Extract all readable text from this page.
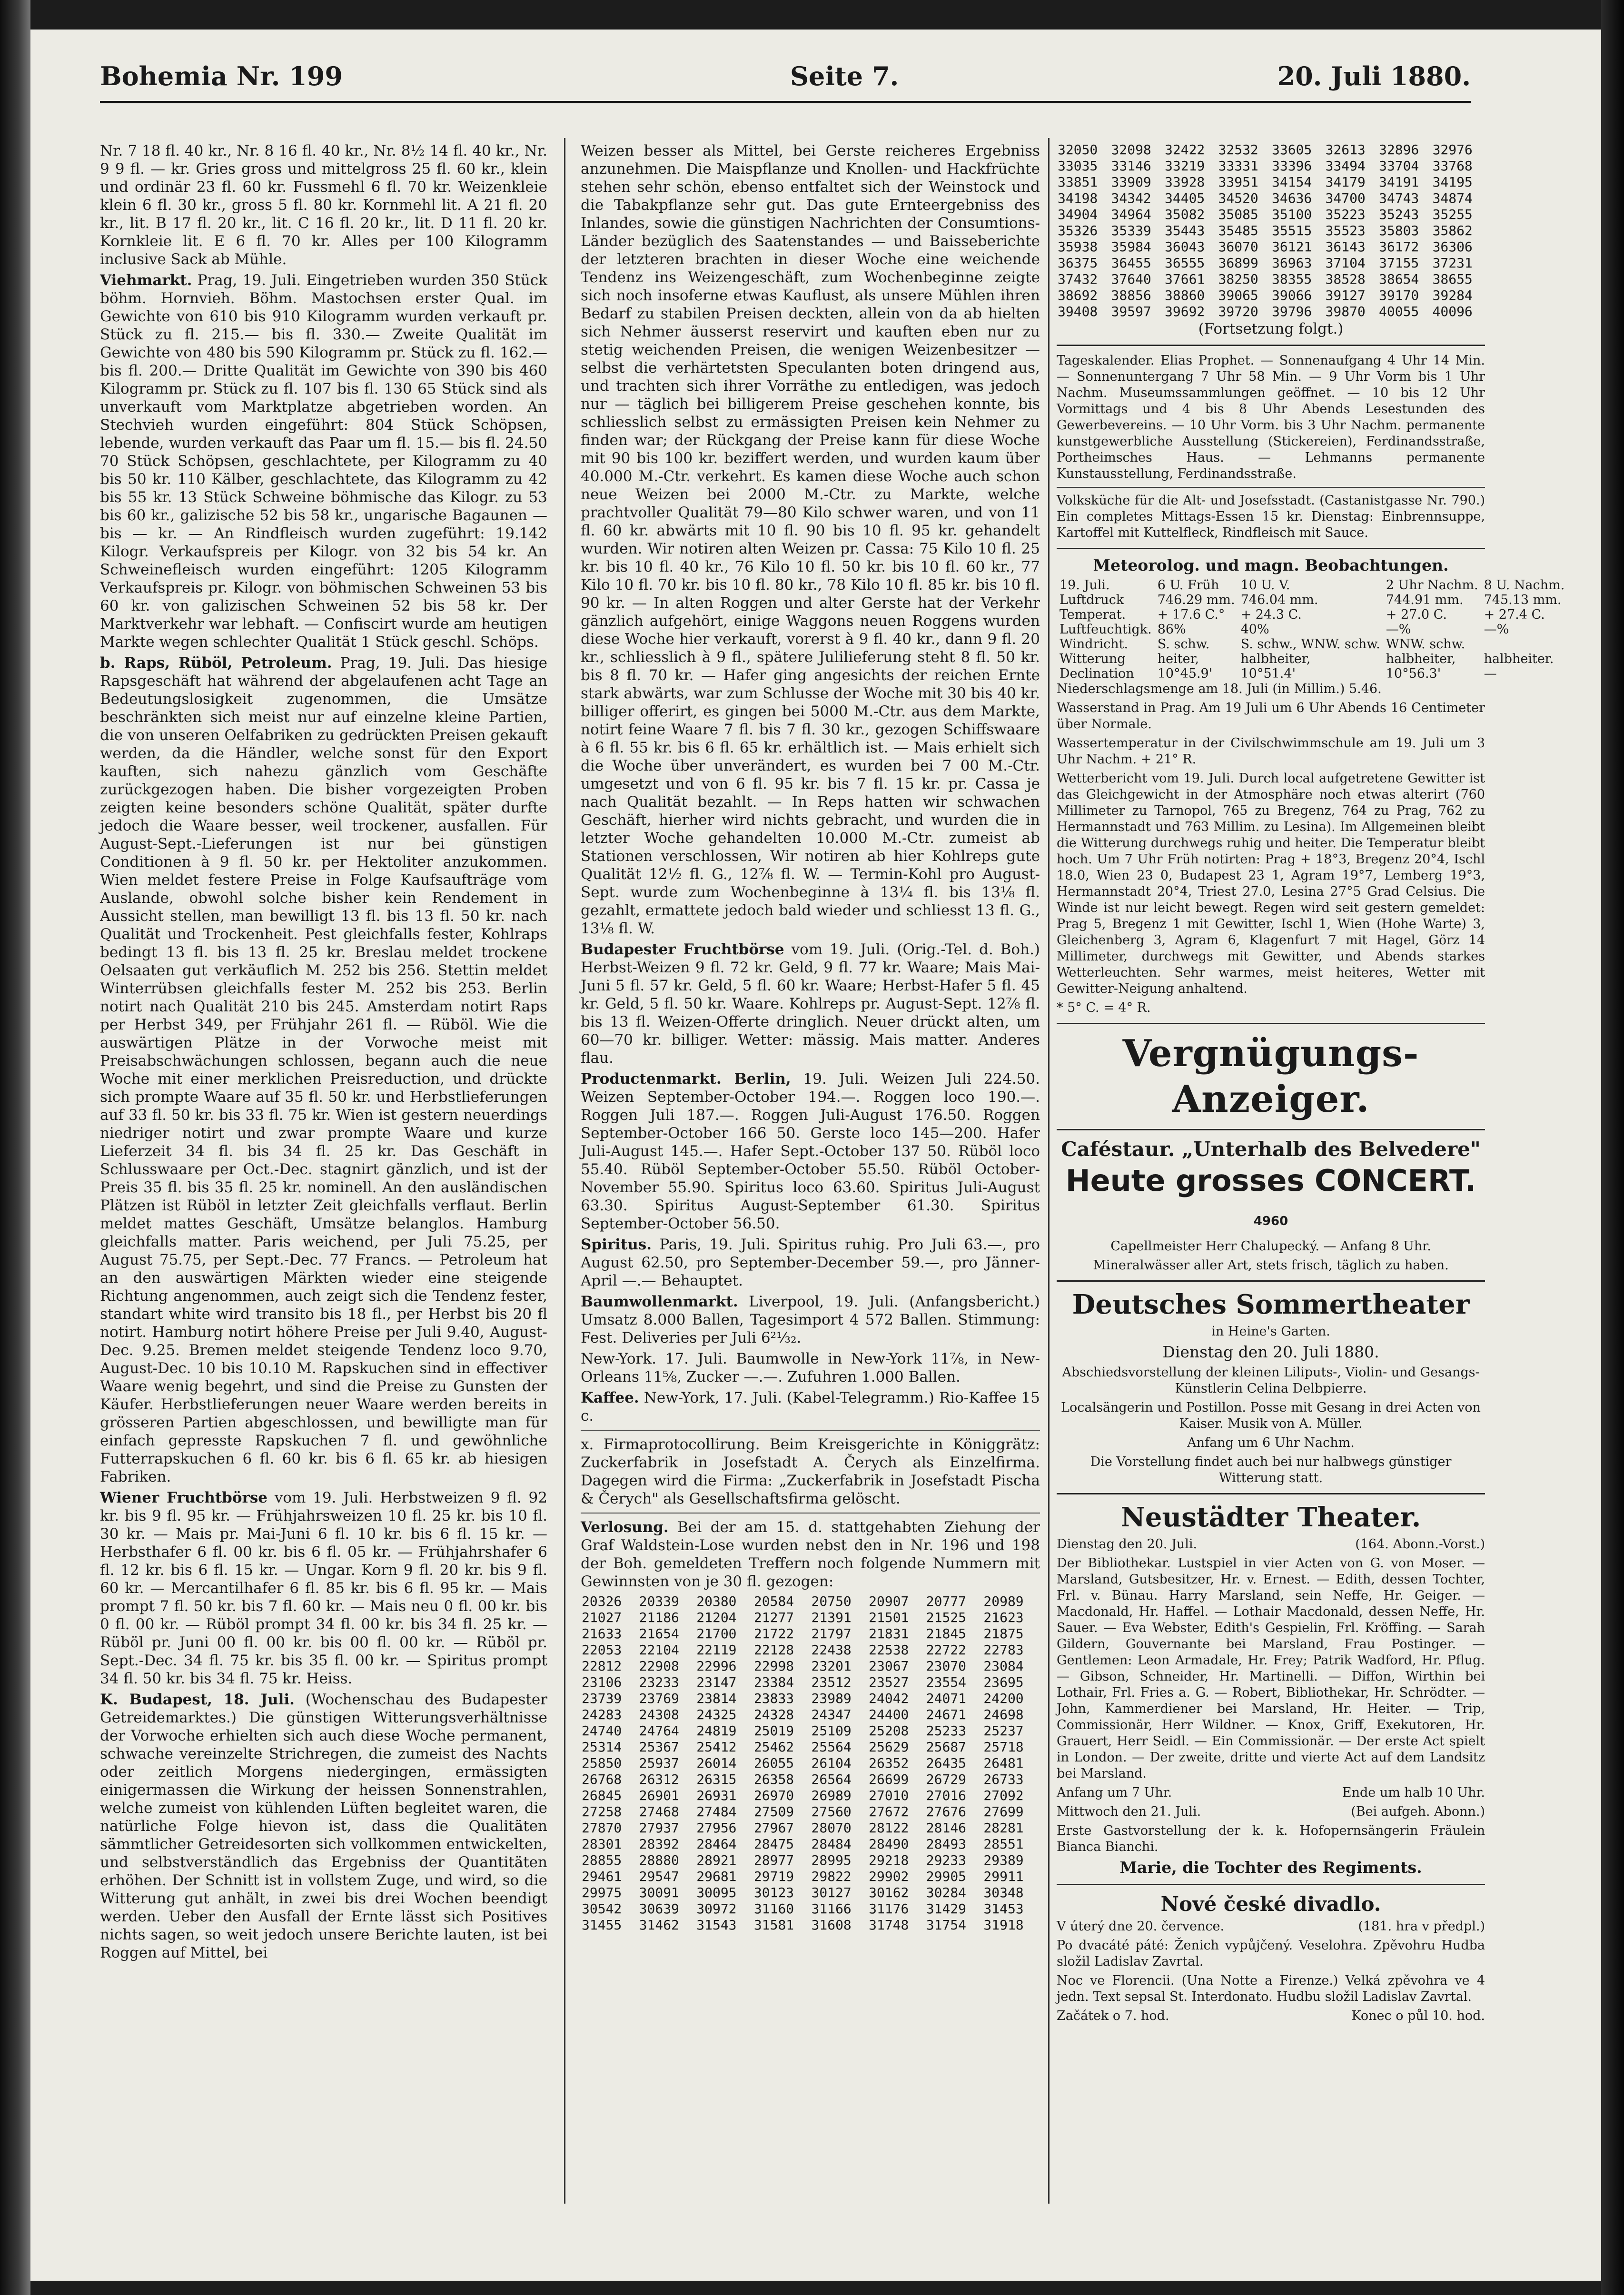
Bohemia Nr. 199	Seite 7.	20. Juli 1880.

Nr. 7 18 fl. 40 kr., Nr. 8 16 fl. 40 kr., Nr. 8½ 14 fl. 40 kr., Nr. 9 9 fl. — kr. Gries gross und mittelgross 25 fl. 60 kr., klein und ordinär 23 fl. 60 kr. Fussmehl 6 fl. 70 kr. Weizenkleie klein 6 fl. 30 kr., gross 5 fl. 80 kr. Kornmehl lit. A 21 fl. 20 kr., lit. B 17 fl. 20 kr., lit. C 16 fl. 20 kr., lit. D 11 fl. 20 kr. Kornkleie lit. E 6 fl. 70 kr. Alles per 100 Kilogramm inclusive Sack ab Mühle.

Viehmarkt. Prag, 19. Juli. Eingetrieben wurden 350 Stück böhm. Hornvieh. Böhm. Mastochsen erster Qual. im Gewichte von 610 bis 910 Kilogramm wurden verkauft pr. Stück zu fl. 215.— bis fl. 330.— Zweite Qualität im Gewichte von 480 bis 590 Kilogramm pr. Stück zu fl. 162.— bis fl. 200.— Dritte Qualität im Gewichte von 390 bis 460 Kilogramm pr. Stück zu fl. 107 bis fl. 130 65 Stück sind als unverkauft vom Marktplatze abgetrieben worden. An Stechvieh wurden eingeführt: 804 Stück Schöpsen, lebende, wurden verkauft das Paar um fl. 15.— bis fl. 24.50 70 Stück Schöpsen, geschlachtete, per Kilogramm zu 40 bis 50 kr. 110 Kälber, geschlachtete, das Kilogramm zu 42 bis 55 kr. 13 Stück Schweine böhmische das Kilogr. zu 53 bis 60 kr., galizische 52 bis 58 kr., ungarische Bagaunen — bis — kr. — An Rindfleisch wurden zugeführt: 19.142 Kilogr. Verkaufspreis per Kilogr. von 32 bis 54 kr. An Schweinefleisch wurden eingeführt: 1205 Kilogramm Verkaufspreis pr. Kilogr. von böhmischen Schweinen 53 bis 60 kr. von galizischen Schweinen 52 bis 58 kr. Der Marktverkehr war lebhaft. — Confiscirt wurde am heutigen Markte wegen schlechter Qualität 1 Stück geschl. Schöps.

b. Raps, Rüböl, Petroleum. Prag, 19. Juli. Das hiesige Rapsgeschäft hat während der abgelaufenen acht Tage an Bedeutungslosigkeit zugenommen, die Umsätze beschränkten sich meist nur auf einzelne kleine Partien, die von unseren Oelfabriken zu gedrückten Preisen gekauft werden, da die Händler, welche sonst für den Export kauften, sich nahezu gänzlich vom Geschäfte zurückgezogen haben. Die bisher vorgezeigten Proben zeigten keine besonders schöne Qualität, später durfte jedoch die Waare besser, weil trockener, ausfallen. Für August-Sept.-Lieferungen ist nur bei günstigen Conditionen à 9 fl. 50 kr. per Hektoliter anzukommen. Wien meldet festere Preise in Folge Kaufsaufträge vom Auslande, obwohl solche bisher kein Rendement in Aussicht stellen, man bewilligt 13 fl. bis 13 fl. 50 kr. nach Qualität und Trockenheit. Pest gleichfalls fester, Kohlraps bedingt 13 fl. bis 13 fl. 25 kr. Breslau meldet trockene Oelsaaten gut verkäuflich M. 252 bis 256. Stettin meldet Winterrübsen gleichfalls fester M. 252 bis 253. Berlin notirt nach Qualität 210 bis 245. Amsterdam notirt Raps per Herbst 349, per Frühjahr 261 fl. — Rüböl. Wie die auswärtigen Plätze in der Vorwoche meist mit Preisabschwächungen schlossen, begann auch die neue Woche mit einer merklichen Preisreduction, und drückte sich prompte Waare auf 35 fl. 50 kr. und Herbstlieferungen auf 33 fl. 50 kr. bis 33 fl. 75 kr. Wien ist gestern neuerdings niedriger notirt und zwar prompte Waare und kurze Lieferzeit 34 fl. bis 34 fl. 25 kr. Das Geschäft in Schlusswaare per Oct.-Dec. stagnirt gänzlich, und ist der Preis 35 fl. bis 35 fl. 25 kr. nominell. An den ausländischen Plätzen ist Rüböl in letzter Zeit gleichfalls verflaut. Berlin meldet mattes Geschäft, Umsätze belanglos. Hamburg gleichfalls matter. Paris weichend, per Juli 75.25, per August 75.75, per Sept.-Dec. 77 Francs. — Petroleum hat an den auswärtigen Märkten wieder eine steigende Richtung angenommen, auch zeigt sich die Tendenz fester, standart white wird transito bis 18 fl., per Herbst bis 20 fl notirt. Hamburg notirt höhere Preise per Juli 9.40, August-Dec. 9.25. Bremen meldet steigende Tendenz loco 9.70, August-Dec. 10 bis 10.10 M. Rapskuchen sind in effectiver Waare wenig begehrt, und sind die Preise zu Gunsten der Käufer. Herbstlieferungen neuer Waare werden bereits in grösseren Partien abgeschlossen, und bewilligte man für einfach gepresste Rapskuchen 7 fl. und gewöhnliche Futterrapskuchen 6 fl. 60 kr. bis 6 fl. 65 kr. ab hiesigen Fabriken.

Wiener Fruchtbörse vom 19. Juli. Herbstweizen 9 fl. 92 kr. bis 9 fl. 95 kr. — Frühjahrsweizen 10 fl. 25 kr. bis 10 fl. 30 kr. — Mais pr. Mai-Juni 6 fl. 10 kr. bis 6 fl. 15 kr. — Herbsthafer 6 fl. 00 kr. bis 6 fl. 05 kr. — Frühjahrshafer 6 fl. 12 kr. bis 6 fl. 15 kr. — Ungar. Korn 9 fl. 20 kr. bis 9 fl. 60 kr. — Mercantilhafer 6 fl. 85 kr. bis 6 fl. 95 kr. — Mais prompt 7 fl. 50 kr. bis 7 fl. 60 kr. — Mais neu 0 fl. 00 kr. bis 0 fl. 00 kr. — Rüböl prompt 34 fl. 00 kr. bis 34 fl. 25 kr. — Rüböl pr. Juni 00 fl. 00 kr. bis 00 fl. 00 kr. — Rüböl pr. Sept.-Dec. 34 fl. 75 kr. bis 35 fl. 00 kr. — Spiritus prompt 34 fl. 50 kr. bis 34 fl. 75 kr. Heiss.

K. Budapest, 18. Juli. (Wochenschau des Budapester Getreidemarktes.) Die günstigen Witterungsverhältnisse der Vorwoche erhielten sich auch diese Woche permanent, schwache vereinzelte Strichregen, die zumeist des Nachts oder zeitlich Morgens niedergingen, ermässigten einigermassen die Wirkung der heissen Sonnenstrahlen, welche zumeist von kühlenden Lüften begleitet waren, die natürliche Folge hievon ist, dass die Qualitäten sämmtlicher Getreidesorten sich vollkommen entwickelten, und selbstverständlich das Ergebniss der Quantitäten erhöhen. Der Schnitt ist in vollstem Zuge, und wird, so die Witterung gut anhält, in zwei bis drei Wochen beendigt werden. Ueber den Ausfall der Ernte lässt sich Positives nichts sagen, so weit jedoch unsere Berichte lauten, ist bei Roggen auf Mittel, bei

Weizen besser als Mittel, bei Gerste reicheres Ergebniss anzunehmen. Die Maispflanze und Knollen- und Hackfrüchte stehen sehr schön, ebenso entfaltet sich der Weinstock und die Tabakpflanze sehr gut. Das gute Ernteergebniss des Inlandes, sowie die günstigen Nachrichten der Consumtions-Länder bezüglich des Saatenstandes — und Baisseberichte der letzteren brachten in dieser Woche eine weichende Tendenz ins Weizengeschäft, zum Wochenbeginne zeigte sich noch insoferne etwas Kauflust, als unsere Mühlen ihren Bedarf zu stabilen Preisen deckten, allein von da ab hielten sich Nehmer äusserst reservirt und kauften eben nur zu stetig weichenden Preisen, die wenigen Weizenbesitzer — selbst die verhärtetsten Speculanten boten dringend aus, und trachten sich ihrer Vorräthe zu entledigen, was jedoch nur — täglich bei billigerem Preise geschehen konnte, bis schliesslich selbst zu ermässigten Preisen kein Nehmer zu finden war; der Rückgang der Preise kann für diese Woche mit 90 bis 100 kr. beziffert werden, und wurden kaum über 40.000 M.-Ctr. verkehrt. Es kamen diese Woche auch schon neue Weizen bei 2000 M.-Ctr. zu Markte, welche prachtvoller Qualität 79—80 Kilo schwer waren, und von 11 fl. 60 kr. abwärts mit 10 fl. 90 bis 10 fl. 95 kr. gehandelt wurden. Wir notiren alten Weizen pr. Cassa: 75 Kilo 10 fl. 25 kr. bis 10 fl. 40 kr., 76 Kilo 10 fl. 50 kr. bis 10 fl. 60 kr., 77 Kilo 10 fl. 70 kr. bis 10 fl. 80 kr., 78 Kilo 10 fl. 85 kr. bis 10 fl. 90 kr. — In alten Roggen und alter Gerste hat der Verkehr gänzlich aufgehört, einige Waggons neuen Roggens wurden diese Woche hier verkauft, vorerst à 9 fl. 40 kr., dann 9 fl. 20 kr., schliesslich à 9 fl., spätere Julilieferung steht 8 fl. 50 kr. bis 8 fl. 70 kr. — Hafer ging angesichts der reichen Ernte stark abwärts, war zum Schlusse der Woche mit 30 bis 40 kr. billiger offerirt, es gingen bei 5000 M.-Ctr. aus dem Markte, notirt feine Waare 7 fl. bis 7 fl. 30 kr., gezogen Schiffswaare à 6 fl. 55 kr. bis 6 fl. 65 kr. erhältlich ist. — Mais erhielt sich die Woche über unverändert, es wurden bei 7 00 M.-Ctr. umgesetzt und von 6 fl. 95 kr. bis 7 fl. 15 kr. pr. Cassa je nach Qualität bezahlt. — In Reps hatten wir schwachen Geschäft, hierher wird nichts gebracht, und wurden die in letzter Woche gehandelten 10.000 M.-Ctr. zumeist ab Stationen verschlossen, Wir notiren ab hier Kohlreps gute Qualität 12½ fl. G., 12⅞ fl. W. — Termin-Kohl pro August-Sept. wurde zum Wochenbeginne à 13¼ fl. bis 13⅛ fl. gezahlt, ermattete jedoch bald wieder und schliesst 13 fl. G., 13⅛ fl. W.

Budapester Fruchtbörse vom 19. Juli. (Orig.-Tel. d. Boh.) Herbst-Weizen 9 fl. 72 kr. Geld, 9 fl. 77 kr. Waare; Mais Mai-Juni 5 fl. 57 kr. Geld, 5 fl. 60 kr. Waare; Herbst-Hafer 5 fl. 45 kr. Geld, 5 fl. 50 kr. Waare. Kohlreps pr. August-Sept. 12⅞ fl. bis 13 fl. Weizen-Offerte dringlich. Neuer drückt alten, um 60—70 kr. billiger. Wetter: mässig. Mais matter. Anderes flau.

Productenmarkt. Berlin, 19. Juli. Weizen Juli 224.50. Weizen September-October 194.—. Roggen loco 190.—. Roggen Juli 187.—. Roggen Juli-August 176.50. Roggen September-October 166 50. Gerste loco 145—200. Hafer Juli-August 145.—. Hafer Sept.-October 137 50. Rüböl loco 55.40. Rüböl September-October 55.50. Rüböl October-November 55.90. Spiritus loco 63.60. Spiritus Juli-August 63.30. Spiritus August-September 61.30. Spiritus September-October 56.50.

Spiritus. Paris, 19. Juli. Spiritus ruhig. Pro Juli 63.—, pro August 62.50, pro September-December 59.—, pro Jänner-April —.— Behauptet.

Baumwollenmarkt. Liverpool, 19. Juli. (Anfangsbericht.) Umsatz 8.000 Ballen, Tagesimport 4 572 Ballen. Stimmung: Fest. Deliveries per Juli 6²¹⁄₃₂.

New-York. 17. Juli. Baumwolle in New-York 11⅞, in New-Orleans 11⅝, Zucker —.—. Zufuhren 1.000 Ballen.

Kaffee. New-York, 17. Juli. (Kabel-Telegramm.) Rio-Kaffee 15 c.

x. Firmaprotocollirung. Beim Kreisgerichte in Königgrätz: Zuckerfabrik in Josefstadt A. Čerych als Einzelfirma. Dagegen wird die Firma: „Zuckerfabrik in Josefstadt Pischa & Čerych" als Gesellschaftsfirma gelöscht.

Verlosung. Bei der am 15. d. stattgehabten Ziehung der Graf Waldstein-Lose wurden nebst den in Nr. 196 und 198 der Boh. gemeldeten Treffern noch folgende Nummern mit Gewinnsten von je 30 fl. gezogen:

20326	20339	20380	20584	20750	20907	20777	20989
21027	21186	21204	21277	21391	21501	21525	21623
21633	21654	21700	21722	21797	21831	21845	21875
22053	22104	22119	22128	22438	22538	22722	22783
22812	22908	22996	22998	23201	23067	23070	23084
23106	23233	23147	23384	23512	23527	23554	23695
23739	23769	23814	23833	23989	24042	24071	24200
24283	24308	24325	24328	24347	24400	24671	24698
24740	24764	24819	25019	25109	25208	25233	25237
25314	25367	25412	25462	25564	25629	25687	25718
25850	25937	26014	26055	26104	26352	26435	26481
26768	26312	26315	26358	26564	26699	26729	26733
26845	26901	26931	26970	26989	27010	27016	27092
27258	27468	27484	27509	27560	27672	27676	27699
27870	27937	27956	27967	28070	28122	28146	28281
28301	28392	28464	28475	28484	28490	28493	28551
28855	28880	28921	28977	28995	29218	29233	29389
29461	29547	29681	29719	29822	29902	29905	29911
29975	30091	30095	30123	30127	30162	30284	30348
30542	30639	30972	31160	31166	31176	31429	31453
31455	31462	31543	31581	31608	31748	31754	31918
32050	32098	32422	32532	33605	32613	32896	32976
33035	33146	33219	33331	33396	33494	33704	33768
33851	33909	33928	33951	34154	34179	34191	34195
34198	34342	34405	34520	34636	34700	34743	34874
34904	34964	35082	35085	35100	35223	35243	35255
35326	35339	35443	35485	35515	35523	35803	35862
35938	35984	36043	36070	36121	36143	36172	36306
36375	36455	36555	36899	36963	37104	37155	37231
37432	37640	37661	38250	38355	38528	38654	38655
38692	38856	38860	39065	39066	39127	39170	39284
39408	39597	39692	39720	39796	39870	40055	40096

(Fortsetzung folgt.)

Tageskalender. Elias Prophet. — Sonnenaufgang 4 Uhr 14 Min. — Sonnenuntergang 7 Uhr 58 Min. — 9 Uhr Vorm bis 1 Uhr Nachm. Museumssammlungen geöffnet. — 10 bis 12 Uhr Vormittags und 4 bis 8 Uhr Abends Lesestunden des Gewerbevereins. — 10 Uhr Vorm. bis 3 Uhr Nachm. permanente kunstgewerbliche Ausstellung (Stickereien), Ferdinandsstraße, Portheimsches Haus. — Lehmanns permanente Kunstausstellung, Ferdinandsstraße.

Volksküche für die Alt- und Josefsstadt. (Castanistgasse Nr. 790.) Ein completes Mittags-Essen 15 kr. Dienstag: Einbrennsuppe, Kartoffel mit Kuttelfleck, Rindfleisch mit Sauce.

Meteorolog. und magn. Beobachtungen.

19. Juli.	6 U. Früh	10 U. V.	2 Uhr Nachm.	8 U. Nachm.
Luftdruck	746.29 mm.	746.04 mm.	744.91 mm.	745.13 mm.
Temperat.	+ 17.6 C.°	+ 24.3 C.	+ 27.0 C.	+ 27.4 C.
Luftfeuchtigk.	86%	40%	—%	—%
Windricht.	S. schw.	S. schw., WNW. schw.	WNW. schw.	
Witterung	heiter,	halbheiter,	halbheiter,	halbheiter.
Declination	10°45.9'	10°51.4'	10°56.3'	—

Niederschlagsmenge am 18. Juli (in Millim.) 5.46.

Wasserstand in Prag. Am 19 Juli um 6 Uhr Abends 16 Centimeter über Normale.

Wassertemperatur in der Civilschwimmschule am 19. Juli um 3 Uhr Nachm. + 21° R.

Wetterbericht vom 19. Juli. Durch local aufgetretene Gewitter ist das Gleichgewicht in der Atmosphäre noch etwas alterirt (760 Millimeter zu Tarnopol, 765 zu Bregenz, 764 zu Prag, 762 zu Hermannstadt und 763 Millim. zu Lesina). Im Allgemeinen bleibt die Witterung durchwegs ruhig und heiter. Die Temperatur bleibt hoch. Um 7 Uhr Früh notirten: Prag + 18°3, Bregenz 20°4, Ischl 18.0, Wien 23 0, Budapest 23 1, Agram 19°7, Lemberg 19°3, Hermannstadt 20°4, Triest 27.0, Lesina 27°5 Grad Celsius. Die Winde ist nur leicht bewegt. Regen wird seit gestern gemeldet: Prag 5, Bregenz 1 mit Gewitter, Ischl 1, Wien (Hohe Warte) 3, Gleichenberg 3, Agram 6, Klagenfurt 7 mit Hagel, Görz 14 Millimeter, durchwegs mit Gewitter, und Abends starkes Wetterleuchten. Sehr warmes, meist heiteres, Wetter mit Gewitter-Neigung anhaltend.

* 5° C. = 4° R.

Vergnügungs-Anzeiger.
Caféstaur. „Unterhalb des Belvedere"
Heute grosses CONCERT. 4960

Capellmeister Herr Chalupecký. — Anfang 8 Uhr.

Mineralwässer aller Art, stets frisch, täglich zu haben.

Deutsches Sommertheater

in Heine's Garten.

Dienstag den 20. Juli 1880.

Abschiedsvorstellung der kleinen Liliputs-, Violin- und Gesangs-Künstlerin Celina Delbpierre.

Localsängerin und Postillon. Posse mit Gesang in drei Acten von Kaiser. Musik von A. Müller.

Anfang um 6 Uhr Nachm.

Die Vorstellung findet auch bei nur halbwegs günstiger Witterung statt.

Neustädter Theater.

Dienstag den 20. Juli.	(164. Abonn.-Vorst.)

Der Bibliothekar. Lustspiel in vier Acten von G. von Moser. — Marsland, Gutsbesitzer, Hr. v. Ernest. — Edith, dessen Tochter, Frl. v. Bünau. Harry Marsland, sein Neffe, Hr. Geiger. — Macdonald, Hr. Haffel. — Lothair Macdonald, dessen Neffe, Hr. Sauer. — Eva Webster, Edith's Gespielin, Frl. Kröffing. — Sarah Gildern, Gouvernante bei Marsland, Frau Postinger. — Gentlemen: Leon Armadale, Hr. Frey; Patrik Wadford, Hr. Pflug. — Gibson, Schneider, Hr. Martinelli. — Diffon, Wirthin bei Lothair, Frl. Fries a. G. — Robert, Bibliothekar, Hr. Schrödter. — John, Kammerdiener bei Marsland, Hr. Heiter. — Trip, Commissionär, Herr Wildner. — Knox, Griff, Exekutoren, Hr. Grauert, Herr Seidl. — Ein Commissionär. — Der erste Act spielt in London. — Der zweite, dritte und vierte Act auf dem Landsitz bei Marsland.

Anfang um 7 Uhr.	Ende um halb 10 Uhr.

Mittwoch den 21. Juli.	(Bei aufgeh. Abonn.)

Erste Gastvorstellung der k. k. Hofopernsängerin Fräulein Bianca Bianchi.

Marie, die Tochter des Regiments.

Nové české divadlo.

V úterý dne 20. července.	(181. hra v předpl.)

Po dvacáté páté: Ženich vypůjčený. Veselohra. Zpěvohru Hudba složil Ladislav Zavrtal.

Noc ve Florencii. (Una Notte a Firenze.) Velká zpěvohra ve 4 jedn. Text sepsal St. Interdonato. Hudbu složil Ladislav Zavrtal.

Začátek o 7. hod.	Konec o půl 10. hod.
